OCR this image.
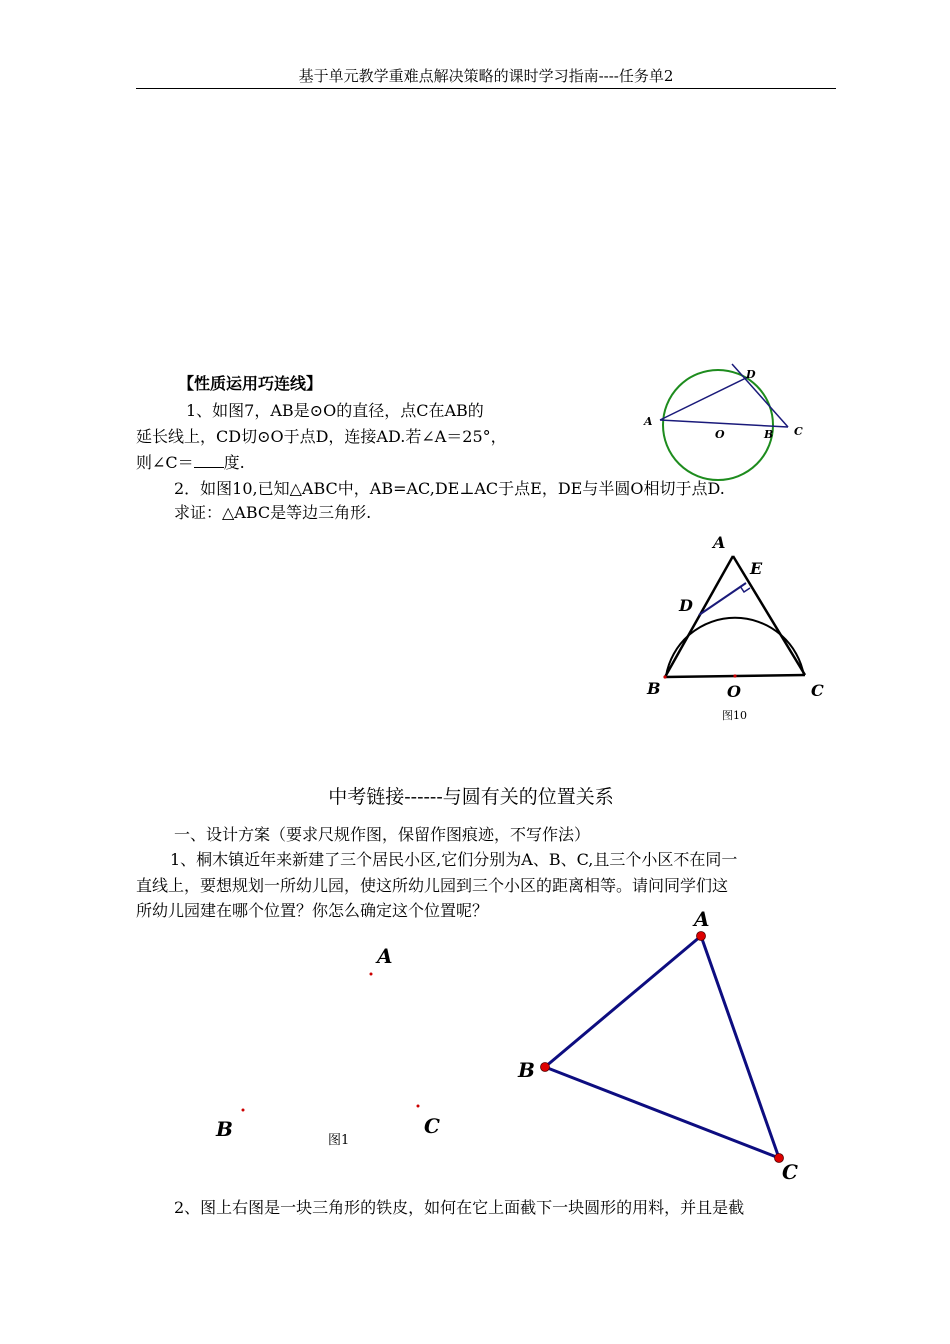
基于单元教学重难点解决策略的课时学习指南----任务单2
【性质运用巧连线】
1、如图7，AB是⊙O的直径，点C在AB的
延长线上，CD切⊙O于点D，连接AD.若∠A＝25°，
则∠C＝ 度.
2．如图10,已知△ABC中，AB=AC,DE⊥AC于点E，DE与半圆O相切于点D.
求证：△ABC是等边三角形.
A
O	B C
D
A
E
D
B	O	C
图10
中考链接------与圆有关的位置关系
一、设计方案（要求尺规作图，保留作图痕迹，不写作法）
1、桐木镇近年来新建了三个居民小区,它们分别为A、B、C,且三个小区不在同一
直线上，要想规划一所幼儿园，使这所幼儿园到三个小区的距离相等。请问同学们这
所幼儿园建在哪个位置？你怎么确定这个位置呢？
A
B	C
图1
A
B
C
2、图上右图是一块三角形的铁皮，如何在它上面截下一块圆形的用料，并且是截
